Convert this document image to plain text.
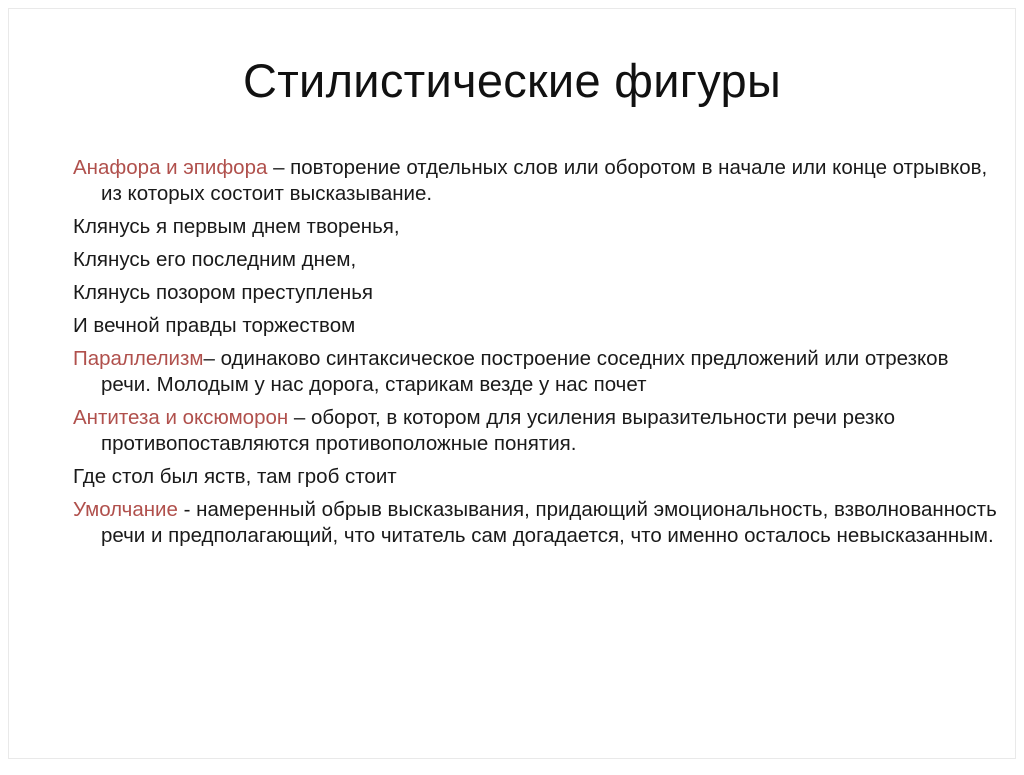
Стилистические фигуры

Анафора и эпифора – повторение отдельных слов или оборотом в начале или конце отрывков, из которых состоит высказывание.

Клянусь я первым днем творенья,

Клянусь его последним днем,

Клянусь позором преступленья

И вечной правды торжеством

Параллелизм– одинаково синтаксическое построение соседних предложений или отрезков речи. Молодым у нас дорога, старикам везде у нас почет

Антитеза и оксюморон – оборот, в котором для усиления выразительности речи резко противопоставляются противоположные понятия.

Где стол был яств, там гроб стоит

Умолчание - намеренный обрыв высказывания, придающий эмоциональность, взволнованность речи и предполагающий, что читатель сам догадается, что именно осталось невысказанным.
